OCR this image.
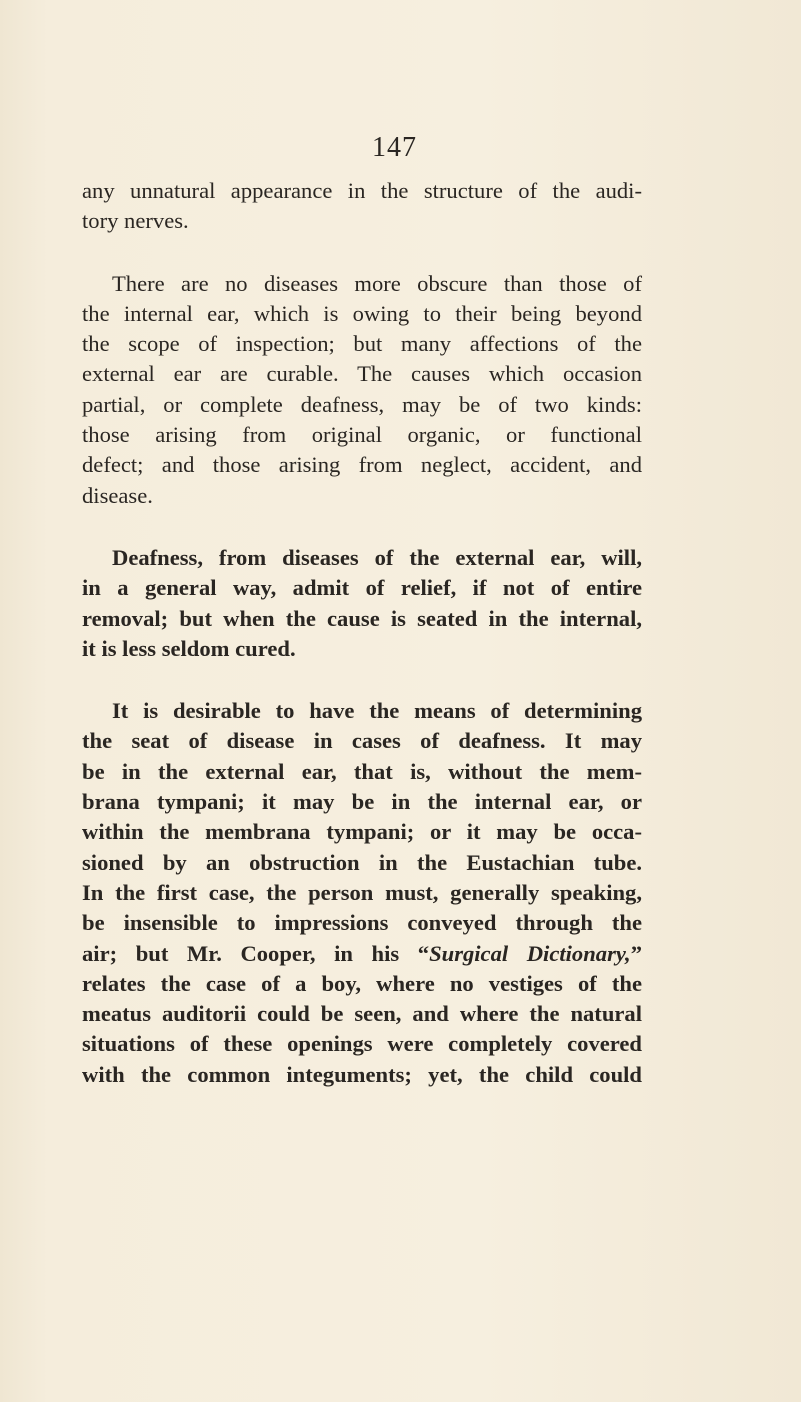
147
any unnatural appearance in the structure of the audi-
tory nerves.
There are no diseases more obscure than those of
the internal ear, which is owing to their being beyond
the scope of inspection; but many affections of the
external ear are curable. The causes which occasion
partial, or complete deafness, may be of two kinds:
those arising from original organic, or functional
defect; and those arising from neglect, accident, and
disease.
Deafness, from diseases of the external ear, will,
in a general way, admit of relief, if not of entire
removal; but when the cause is seated in the internal,
it is less seldom cured.
It is desirable to have the means of determining
the seat of disease in cases of deafness. It may
be in the external ear, that is, without the mem-
brana tympani; it may be in the internal ear, or
within the membrana tympani; or it may be occa-
sioned by an obstruction in the Eustachian tube.
In the first case, the person must, generally speaking,
be insensible to impressions conveyed through the
air; but Mr. Cooper, in his “Surgical Dictionary,”
relates the case of a boy, where no vestiges of the
meatus auditorii could be seen, and where the natural
situations of these openings were completely covered
with the common integuments; yet, the child could
